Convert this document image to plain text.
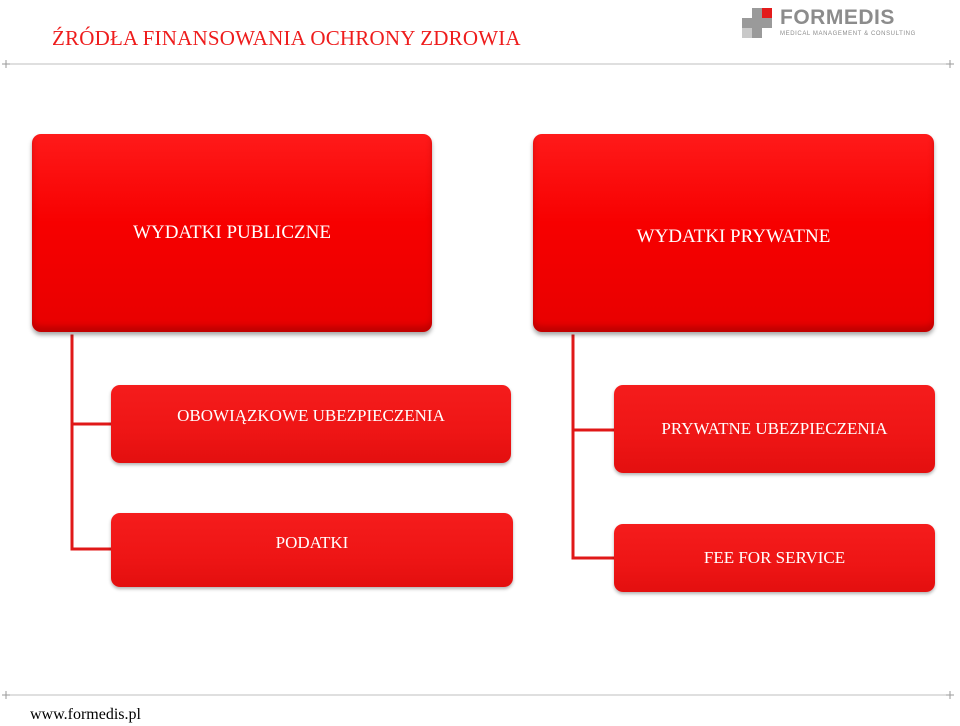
ŹRÓDŁA FINANSOWANIA OCHRONY ZDROWIA
FORMEDIS
MEDICAL MANAGEMENT & CONSULTING
WYDATKI PUBLICZNE	WYDATKI PRYWATNE
OBOWIĄZKOWE UBEZPIECZENIA
PODATKI
PRYWATNE UBEZPIECZENIA
FEE FOR SERVICE
www.formedis.pl
